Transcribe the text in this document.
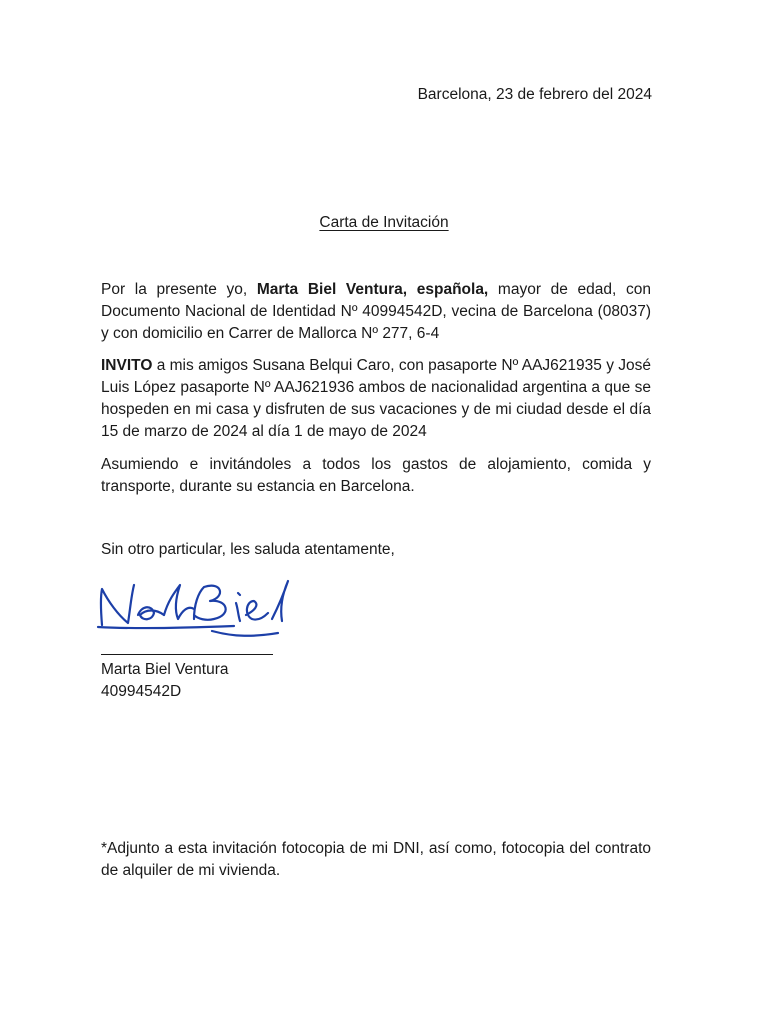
Barcelona, 23 de febrero del 2024
Carta de Invitación
Por la presente yo, Marta Biel Ventura, española, mayor de edad, con Documento Nacional de Identidad Nº 40994542D, vecina de Barcelona (08037) y con domicilio en Carrer de Mallorca Nº 277, 6-4
INVITO a mis amigos Susana Belqui Caro, con pasaporte Nº AAJ621935 y José Luis López pasaporte Nº AAJ621936 ambos de nacionalidad argentina a que se hospeden en mi casa y disfruten de sus vacaciones y de mi ciudad desde el día 15 de marzo de 2024 al día 1 de mayo de 2024
Asumiendo e invitándoles a todos los gastos de alojamiento, comida y transporte, durante su estancia en Barcelona.
Sin otro particular, les saluda atentamente,
Marta Biel Ventura
40994542D
*Adjunto a esta invitación fotocopia de mi DNI, así como, fotocopia del contrato de alquiler de mi vivienda.
